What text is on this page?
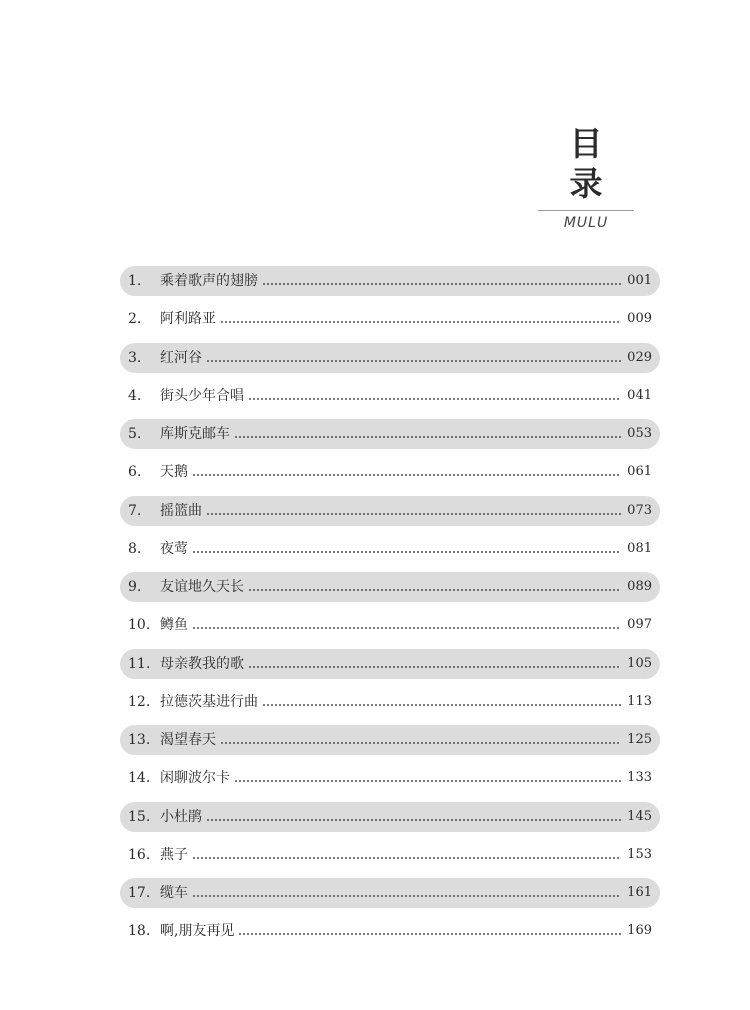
目 录
MULU
1.	乘着歌声的翅膀	001
2.	阿利路亚	009
3.	红河谷	029
4.	街头少年合唱	041
5.	库斯克邮车	053
6.	天鹅	061
7.	摇篮曲	073
8.	夜莺	081
9.	友谊地久天长	089
10. 鳟鱼	097
11. 母亲教我的歌	105
12. 拉德茨基进行曲	113
13. 渴望春天	125
14. 闲聊波尔卡	133
15. 小杜鹃	145
16. 燕子	153
17. 缆车	161
18. 啊,朋友再见	169
